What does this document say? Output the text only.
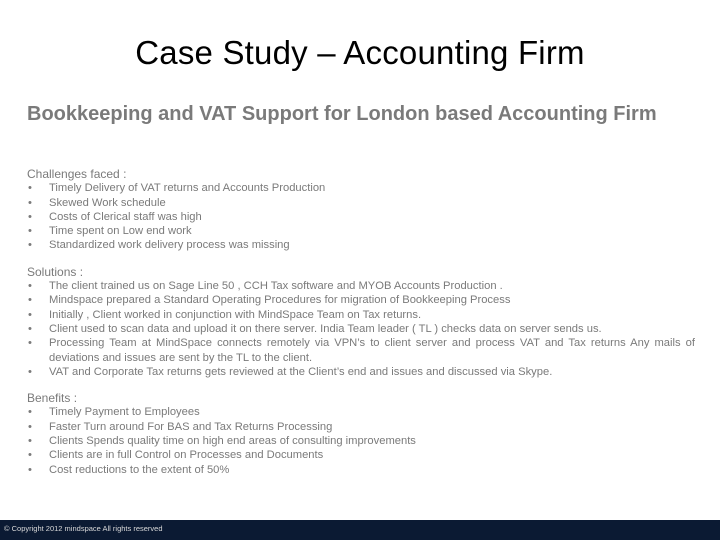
Case Study – Accounting Firm
Bookkeeping and VAT Support for London based Accounting Firm
Challenges faced :
• Timely Delivery of VAT returns and Accounts Production
• Skewed Work schedule
• Costs of Clerical staff was high
• Time spent on Low end work
• Standardized work delivery process was missing
Solutions :
• The client trained us on Sage Line 50 , CCH Tax software and MYOB Accounts Production .
• Mindspace prepared a Standard Operating Procedures for migration of Bookkeeping Process
• Initially , Client worked in conjunction with MindSpace Team on Tax returns.
• Client used to scan data and upload it on there server. India Team leader ( TL ) checks data on server sends us.
• Processing Team at MindSpace connects remotely via VPN’s to client server and process VAT and Tax returns Any mails of deviations and issues are sent by the TL to the client.
• VAT and Corporate Tax returns gets reviewed at the Client’s end and issues and discussed via Skype.
Benefits :
• Timely Payment to Employees
• Faster Turn around For BAS and Tax Returns Processing
• Clients Spends quality time on high end areas of consulting improvements
• Clients are in full Control on Processes and Documents
• Cost reductions to the extent of 50%
© Copyright 2012 mindspace All rights reserved
